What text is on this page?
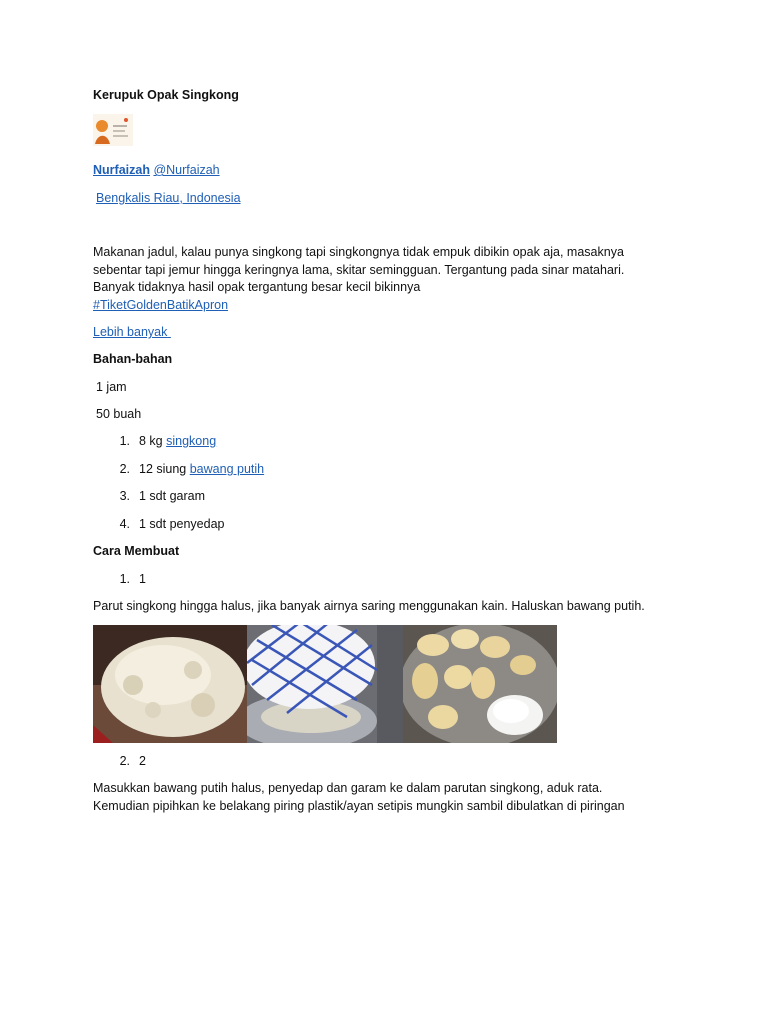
Kerupuk Opak Singkong
Nurfaizah @Nurfaizah
Bengkalis Riau, Indonesia
Makanan jadul, kalau punya singkong tapi singkongnya tidak empuk dibikin opak aja, masaknya
sebentar tapi jemur hingga keringnya lama, skitar semingguan. Tergantung pada sinar matahari.
Banyak tidaknya hasil opak tergantung besar kecil bikinnya
#TiketGoldenBatikApron
Lebih banyak
Bahan-bahan
1 jam
50 buah
1. 8 kg singkong
2. 12 siung bawang putih
3. 1 sdt garam
4. 1 sdt penyedap
Cara Membuat
1. 1
Parut singkong hingga halus, jika banyak airnya saring menggunakan kain. Haluskan bawang putih.
2. 2
Masukkan bawang putih halus, penyedap dan garam ke dalam parutan singkong, aduk rata.
Kemudian pipihkan ke belakang piring plastik/ayan setipis mungkin sambil dibulatkan di piringan
